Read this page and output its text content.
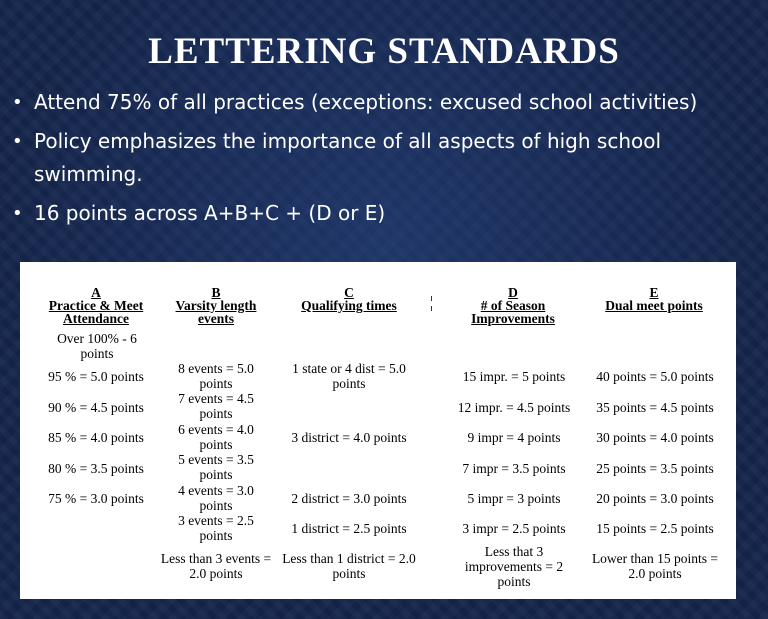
LETTERING STANDARDS
• Attend 75% of all practices (exceptions: excused school activities)
• Policy emphasizes the importance of all aspects of high school swimming.
• 16 points across A+B+C + (D or E)
A
Practice & Meet
Attendance
B
Varsity length
events
C
Qualifying times
D
# of Season
Improvements
E
Dual meet points
Over 100% - 6 points
95 % = 5.0 points
90 % = 4.5 points
85 % = 4.0 points
80 % = 3.5 points
75 % = 3.0 points
8 events = 5.0 points
7 events = 4.5 points
6 events = 4.0 points
5 events = 3.5 points
4 events = 3.0 points
3 events = 2.5 points
Less than 3 events = 2.0 points
1 state or 4 dist = 5.0 points
3 district = 4.0 points
2 district = 3.0 points
1 district = 2.5 points
Less than 1 district = 2.0 points
15 impr. = 5 points
12 impr. = 4.5 points
9 impr = 4 points
7 impr = 3.5 points
5 impr = 3 points
3 impr = 2.5 points
Less that 3 improvements = 2 points
40 points = 5.0 points
35 points = 4.5 points
30 points = 4.0 points
25 points = 3.5 points
20 points = 3.0 points
15 points = 2.5 points
Lower than 15 points = 2.0 points
